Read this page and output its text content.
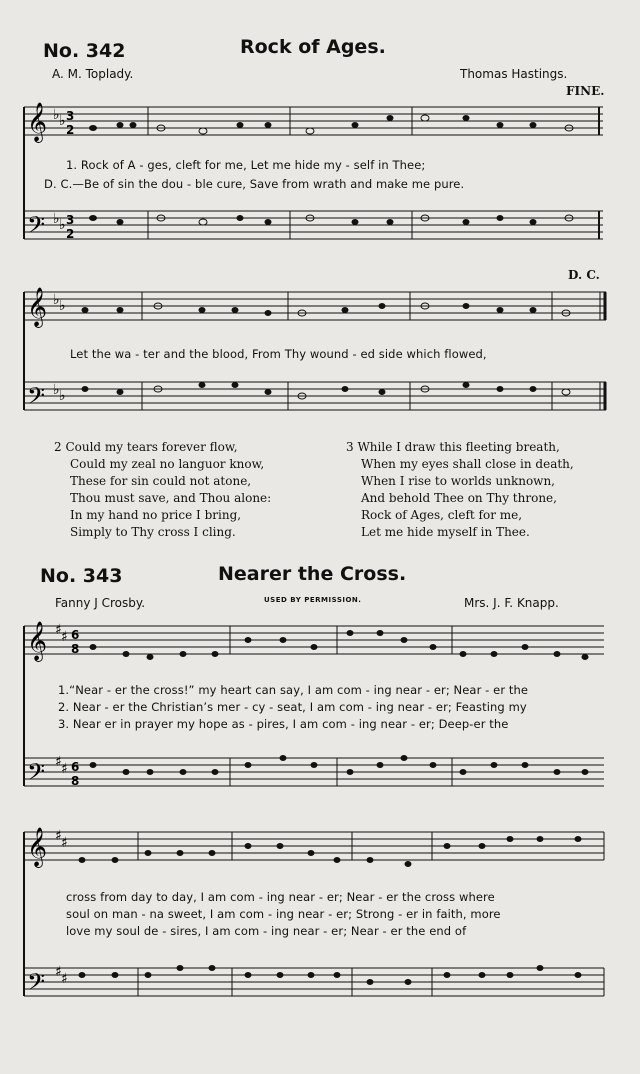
No. 342	Rock of Ages.
A. M. Toplady.	Thomas Hastings.
FINE.
𝄞
𝄢
3
2
3
2
♭ ♭
♭ ♭
1. Rock of A - ges, cleft for me, Let me hide my - self in Thee;
D. C.—Be of sin the dou - ble cure, Save from wrath and make me pure.
D. C.
𝄞
𝄢
♭ ♭
♭ ♭
Let the wa - ter and the blood, From Thy wound - ed side which flowed,
2 Could my tears forever flow,
Could my zeal no languor know,
These for sin could not atone,
Thou must save, and Thou alone:
In my hand no price I bring,
Simply to Thy cross I cling.
3 While I draw this fleeting breath,
When my eyes shall close in death,
When I rise to worlds unknown,
And behold Thee on Thy throne,
Rock of Ages, cleft for me,
Let me hide myself in Thee.
No. 343	Nearer the Cross.
Fanny J Crosby.	USED BY PERMISSION.	Mrs. J. F. Knapp.
𝄞
𝄢
♯ ♯
♯ ♯
6
8
6
8
1.“Near - er the cross!” my heart can say, I am com - ing near - er; Near - er the
2. Near - er the Christian’s mer - cy - seat, I am com - ing near - er; Feasting my
3. Near er in prayer my hope as - pires, I am com - ing near - er; Deep-er the
𝄞
𝄢
♯ ♯
♯ ♯
cross from day to day, I am com - ing near - er; Near - er the cross where
soul on man - na sweet, I am com - ing near - er; Strong - er in faith, more
love my soul de - sires, I am com - ing near - er; Near - er the end of
